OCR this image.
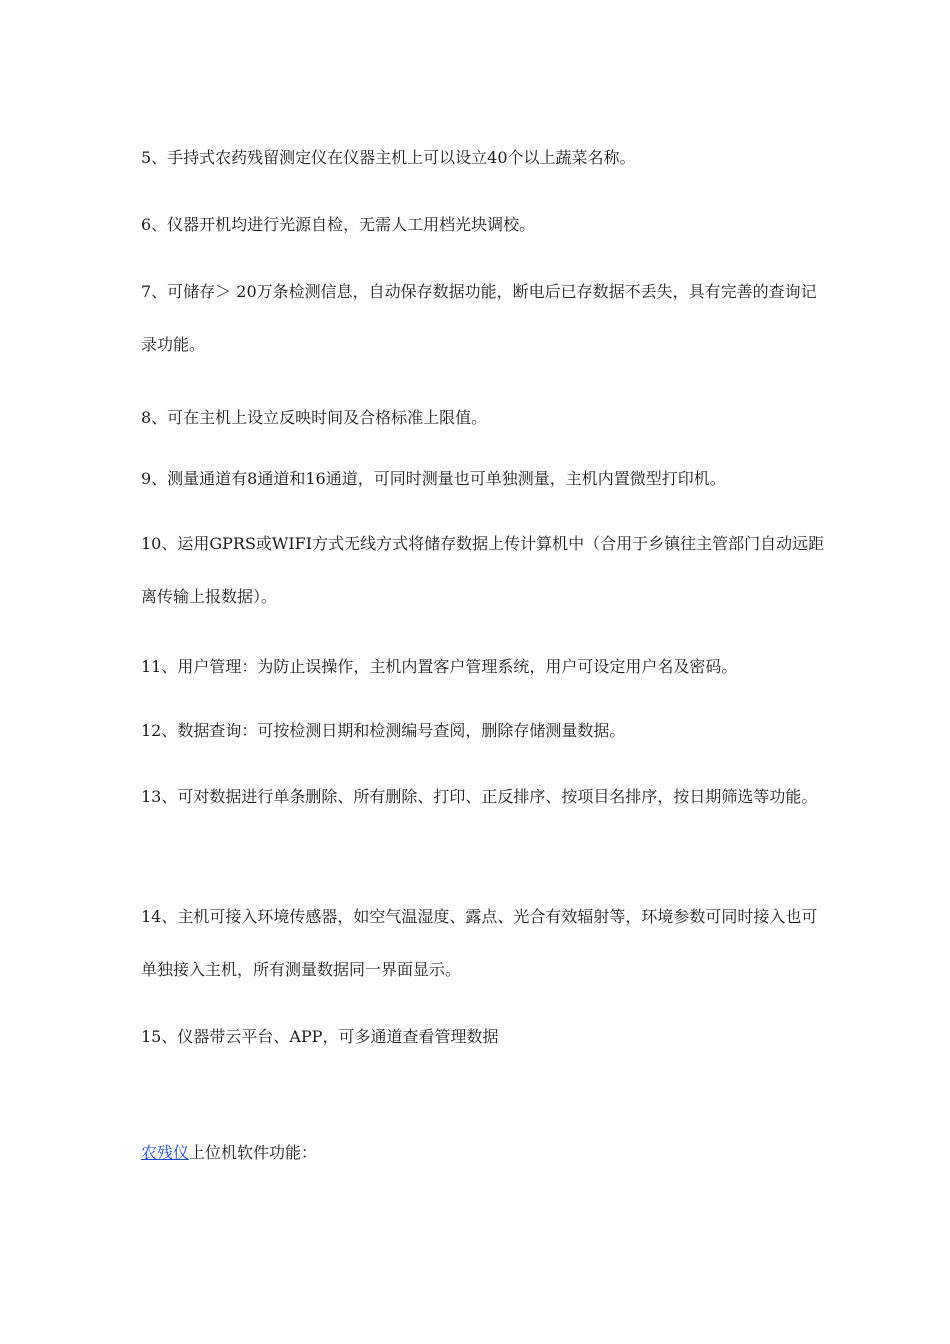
5、手持式农药残留测定仪在仪器主机上可以设立40个以上蔬菜名称。

6、仪器开机均进行光源自检，无需人工用档光块调校。

7、可储存＞ 20万条检测信息，自动保存数据功能，断电后已存数据不丢失，具有完善的查询记录功能。

8、可在主机上设立反映时间及合格标准上限值。

9、测量通道有8通道和16通道，可同时测量也可单独测量，主机内置微型打印机。

10、运用GPRS或WIFI方式无线方式将储存数据上传计算机中（合用于乡镇往主管部门自动远距离传输上报数据）。

11、用户管理：为防止误操作，主机内置客户管理系统，用户可设定用户名及密码。

12、数据查询：可按检测日期和检测编号查阅，删除存储测量数据。

13、可对数据进行单条删除、所有删除、打印、正反排序、按项目名排序，按日期筛选等功能。

14、主机可接入环境传感器，如空气温湿度、露点、光合有效辐射等，环境参数可同时接入也可单独接入主机，所有测量数据同一界面显示。

15、仪器带云平台、APP，可多通道查看管理数据

农残仪上位机软件功能：
